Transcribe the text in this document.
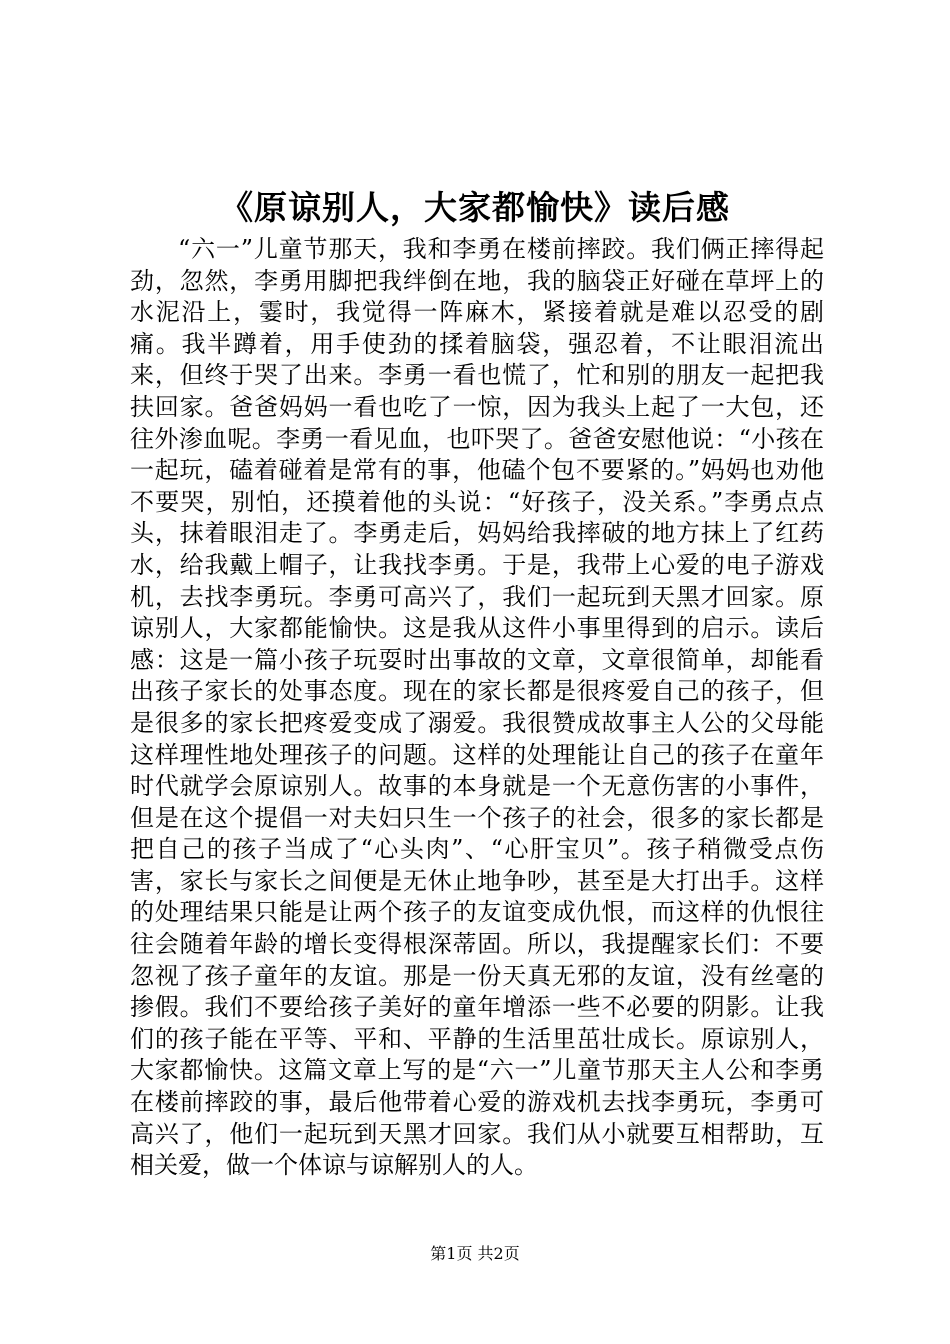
《原谅别人，大家都愉快》读后感

“六一”儿童节那天，我和李勇在楼前摔跤。我们俩正摔得起劲，忽然，李勇用脚把我绊倒在地，我的脑袋正好碰在草坪上的水泥沿上，霎时，我觉得一阵麻木，紧接着就是难以忍受的剧痛。我半蹲着，用手使劲的揉着脑袋，强忍着，不让眼泪流出来，但终于哭了出来。李勇一看也慌了，忙和别的朋友一起把我扶回家。爸爸妈妈一看也吃了一惊，因为我头上起了一大包，还往外渗血呢。李勇一看见血，也吓哭了。爸爸安慰他说：“小孩在一起玩，磕着碰着是常有的事，他磕个包不要紧的。”妈妈也劝他不要哭，别怕，还摸着他的头说：“好孩子，没关系。”李勇点点头，抹着眼泪走了。李勇走后，妈妈给我摔破的地方抹上了红药水，给我戴上帽子，让我找李勇。于是，我带上心爱的电子游戏机，去找李勇玩。李勇可高兴了，我们一起玩到天黑才回家。原谅别人，大家都能愉快。这是我从这件小事里得到的启示。读后感：这是一篇小孩子玩耍时出事故的文章，文章很简单，却能看出孩子家长的处事态度。现在的家长都是很疼爱自己的孩子，但是很多的家长把疼爱变成了溺爱。我很赞成故事主人公的父母能这样理性地处理孩子的问题。这样的处理能让自己的孩子在童年时代就学会原谅别人。故事的本身就是一个无意伤害的小事件，但是在这个提倡一对夫妇只生一个孩子的社会，很多的家长都是把自己的孩子当成了“心头肉”、“心肝宝贝”。孩子稍微受点伤害，家长与家长之间便是无休止地争吵，甚至是大打出手。这样的处理结果只能是让两个孩子的友谊变成仇恨，而这样的仇恨往往会随着年龄的增长变得根深蒂固。所以，我提醒家长们：不要忽视了孩子童年的友谊。那是一份天真无邪的友谊，没有丝毫的掺假。我们不要给孩子美好的童年增添一些不必要的阴影。让我们的孩子能在平等、平和、平静的生活里茁壮成长。原谅别人，大家都愉快。这篇文章上写的是“六一”儿童节那天主人公和李勇在楼前摔跤的事，最后他带着心爱的游戏机去找李勇玩，李勇可高兴了，他们一起玩到天黑才回家。我们从小就要互相帮助，互相关爱，做一个体谅与谅解别人的人。

第1页 共2页
